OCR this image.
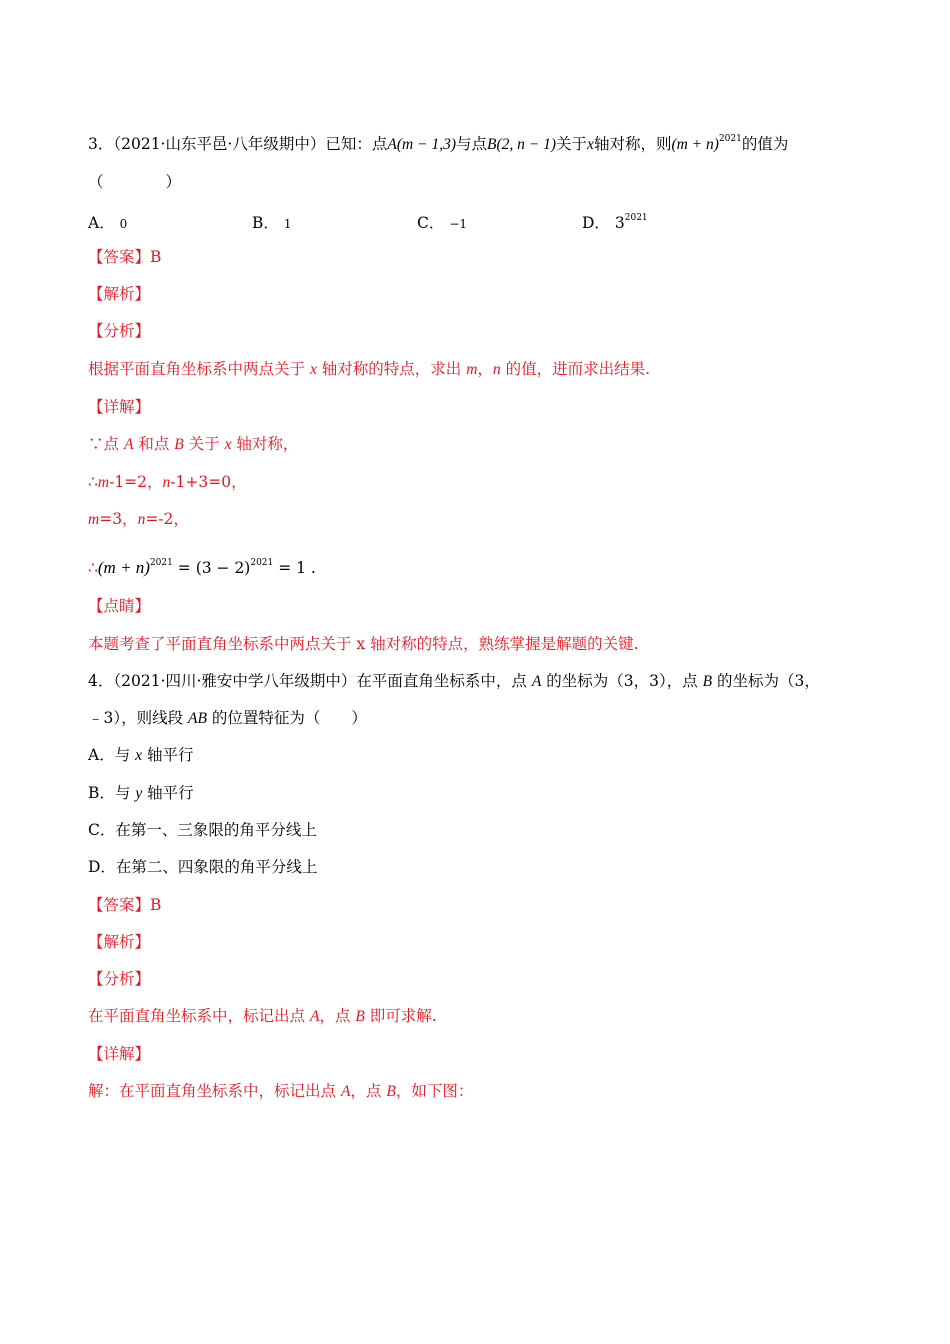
3．（2021·山东平邑·八年级期中）已知：点A(m − 1,3)与点B(2, n − 1)关于x轴对称，则$(m + n)^{2021}$的值为
（　　　　）
A． 0	B． 1	C． −1	D． $3^{2021}$
【答案】B
【解析】
【分析】
根据平面直角坐标系中两点关于 x 轴对称的特点，求出 m，n 的值，进而求出结果.
【详解】
∵点 A 和点 B 关于 x 轴对称，
∴m-1=2，n-1+3=0，
m=3，n=-2，
∴(m + $n)^{2021} = (3 - 2)^{2021} = 1$ .
【点睛】
本题考查了平面直角坐标系中两点关于 x 轴对称的特点，熟练掌握是解题的关键.
4．（2021·四川·雅安中学八年级期中）在平面直角坐标系中，点 A 的坐标为（3，3），点 B 的坐标为（3，
﹣3），则线段 AB 的位置特征为（　　）
A．与 x 轴平行
B．与 y 轴平行
C．在第一、三象限的角平分线上
D．在第二、四象限的角平分线上
【答案】B
【解析】
【分析】
在平面直角坐标系中，标记出点 A，点 B 即可求解.
【详解】
解：在平面直角坐标系中，标记出点 A，点 B，如下图：
